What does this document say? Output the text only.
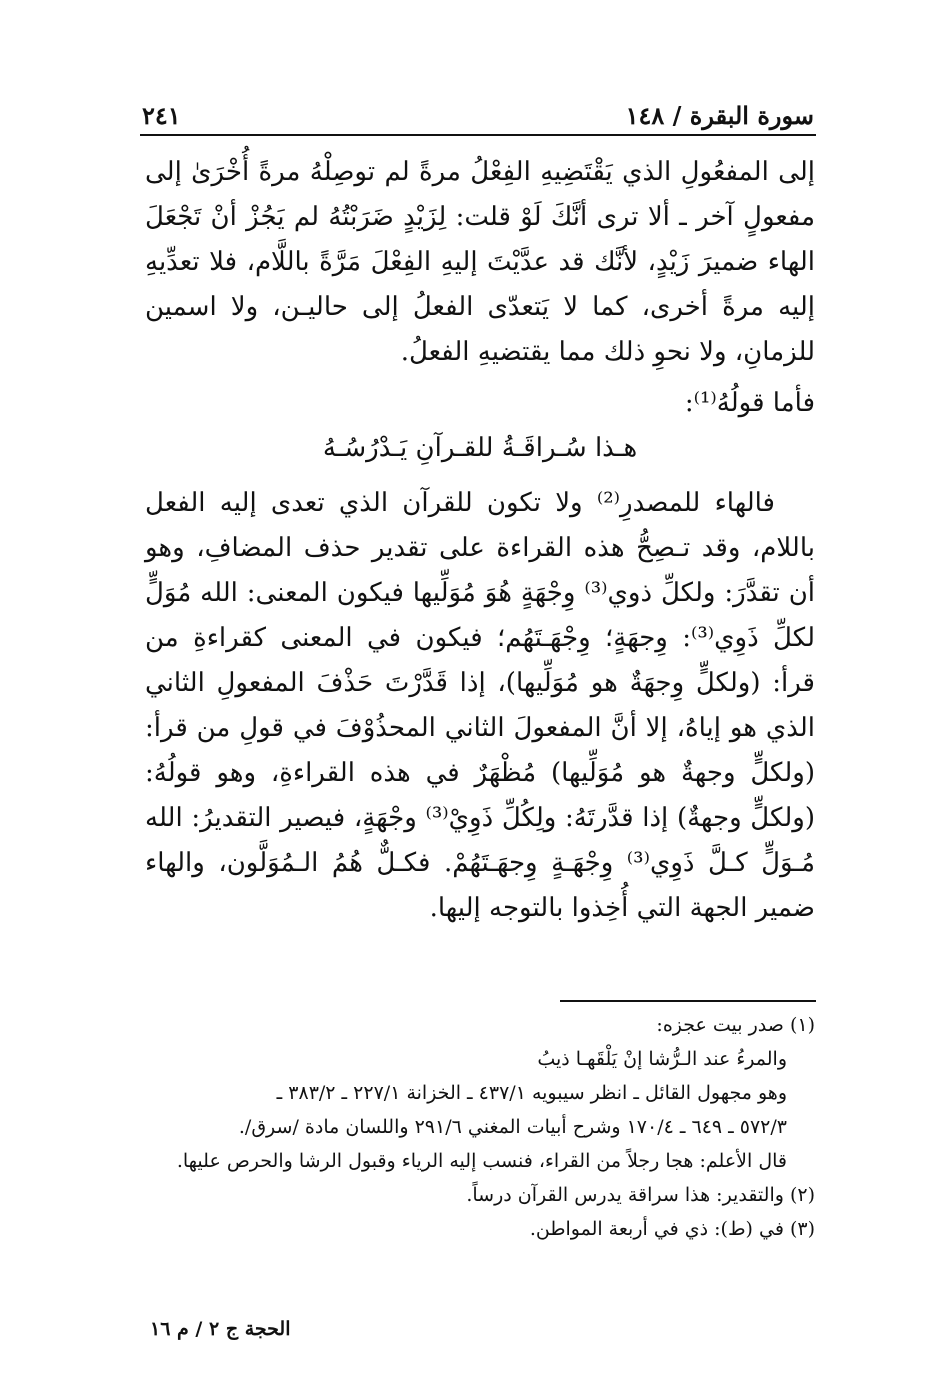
سورة البقرة / ١٤٨
٢٤١

إلى المفعُولِ الذي يَقْتَضِيهِ الفِعْلُ مرةً لم توصِلْهُ مرةً أُخْرَىٰ إلى مفعولٍ آخر ـ ألا ترى أنَّكَ لَوْ قلت: لِزَيْدٍ ضَرَبْتُهُ لم يَجُزْ أنْ تَجْعَلَ الهاء ضميرَ زَيْدٍ، لأنَّك قد عدَّيْتَ إليهِ الفِعْلَ مَرَّةً باللَّام، فلا تعدِّيهِ إليه مرةً أخرى، كما لا يَتعدّى الفعلُ إلى حاليـن، ولا اسمين للزمانِ، ولا نحوِ ذلك مما يقتضيهِ الفعلُ.

فأما قولُهُ⁽¹⁾:

هـذا سُـراقَـةُ للقـرآنِ يَـدْرُسُـهُ

فالهاء للمصدرِ⁽²⁾ ولا تكون للقرآن الذي تعدى إليه الفعل باللام، وقد تـصِحُّ هذه القراءة على تقدير حذف المضافِ، وهو أن تقدَّرَ: ولكلِّ ذوي⁽³⁾ وِجْهَةٍ هُوَ مُوَلِّيها فيكون المعنى: الله مُوَلٍّ لكلِّ ذَوِي⁽³⁾: وِجهَةٍ؛ وِجْهَـتَهُم؛ فيكون في المعنى كقراءةِ من قرأ: (ولكلٍّ وِجهَةٌ هو مُوَلِّيها)، إذا قَدَّرْتَ حَذْفَ المفعولِ الثاني الذي هو إياهُ، إلا أنَّ المفعولَ الثاني المحذُوْفَ في قولِ من قرأ: (ولكلٍّ وجهةٌ هو مُوَلِّيها) مُظْهَرٌ في هذه القراءةِ، وهو قولُهُ: (ولكلٍّ وجهةٌ) إذا قدَّرتَهُ: ولِكُلِّ ذَوِيْ⁽³⁾ وجْهَةٍ، فيصير التقديرُ: الله مُـوَلٍّ كـلَّ ذَوِي⁽³⁾ وِجْهَـةٍ وِجهَـتَهُمْ. فكـلٌّ هُمُ الـمُوَلَّون، والهاء ضمير الجهة التي أُخِذوا بالتوجه إليها.

(١) صدر بيت عجزه:

والمرءُ عند الـرُّشا إنْ يَلْقَهـا ذيبُ

وهو مجهول القائل ـ انظر سيبويه ٤٣٧/١ ـ الخزانة ٢٢٧/١ ـ ٣٨٣/٢ ـ

٥٧٢/٣ ـ ٦٤٩ ـ ١٧٠/٤ وشرح أبيات المغني ٢٩١/٦ واللسان مادة /سرق/.

قال الأعلم: هجا رجلاً من القراء، فنسب إليه الرياء وقبول الرشا والحرص عليها.

(٢) والتقدير: هذا سراقة يدرس القرآن درساً.

(٣) في (ط): ذي في أربعة المواطن.

الحجة ج ٢ / م ١٦
